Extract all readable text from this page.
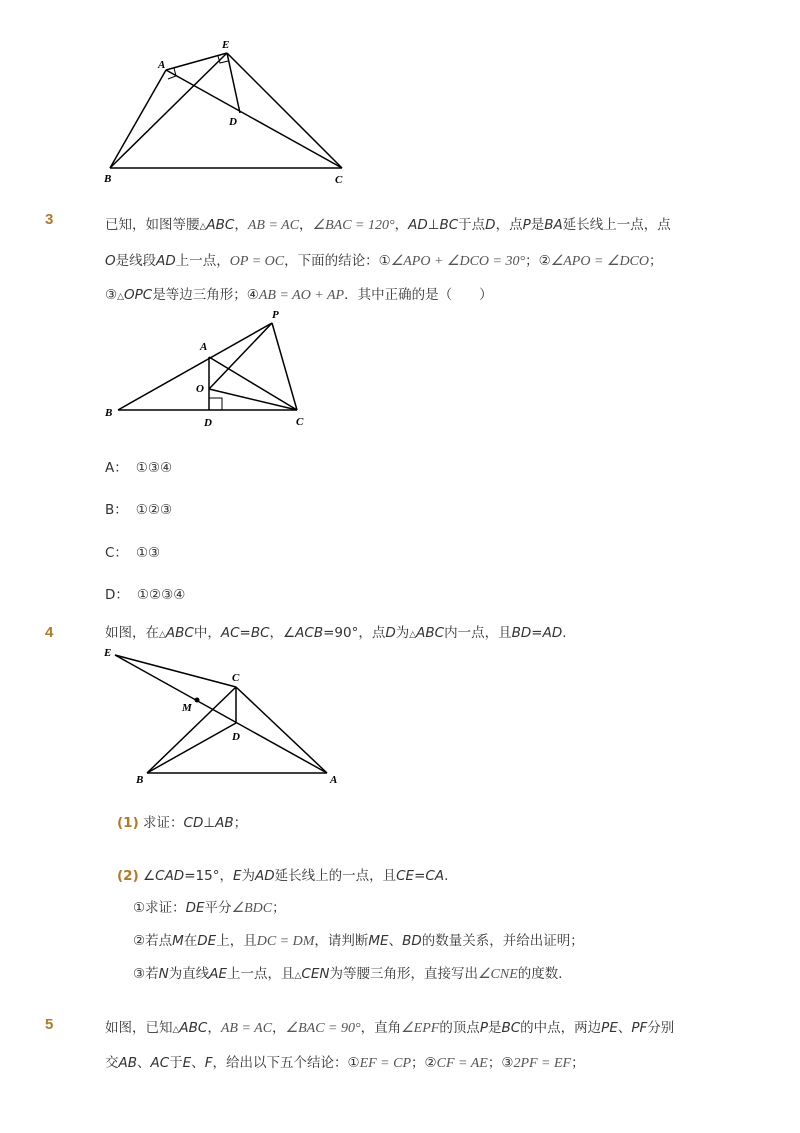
A
E
D
B	C
3	已知，如图等腰△ABC，AB = AC，∠BAC = 120°，AD⊥BC于点D，点P是BA延长线上一点，点
O是线段AD上一点，OP = OC，下面的结论：①∠APO + ∠DCO = 30°；②∠APO = ∠DCO；
③△OPC是等边三角形；④AB = AO + AP．其中正确的是（　　）
P
A
O
B
D	C
A： ①③④
B： ①②③
C： ①③
D： ①②③④
4	如图，在△ABC中，AC=BC，∠ACB=90°，点D为△ABC内一点，且BD=AD.
E
C
M
D
B	A
(1) 求证：CD⊥AB；
(2) ∠CAD=15°，E为AD延长线上的一点，且CE=CA.
①求证：DE平分∠BDC；
②若点M在DE上，且DC = DM，请判断ME、BD的数量关系，并给出证明；
③若N为直线AE上一点，且△CEN为等腰三角形，直接写出∠CNE的度数．
5	如图，已知△ABC，AB = AC，∠BAC = 90°，直角∠EPF的顶点P是BC的中点，两边PE、PF分别
交AB、AC于E、F，给出以下五个结论：①EF = CP；②CF = AE；③2PF = EF；
